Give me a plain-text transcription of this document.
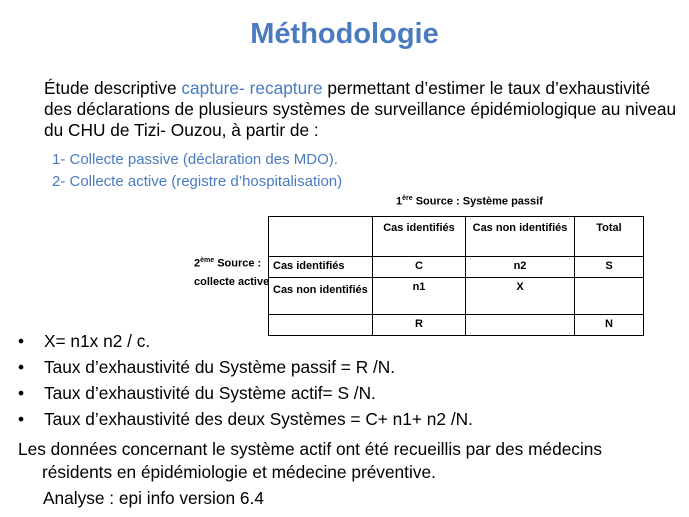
Méthodologie
Étude descriptive capture- recapture permettant d’estimer le taux d’exhaustivité des déclarations de plusieurs systèmes de surveillance épidémiologique au niveau du CHU de Tizi- Ouzou, à partir de :
1- Collecte passive (déclaration des MDO).
2- Collecte active (registre d’hospitalisation)
1ère Source : Système passif
2ème Source : collecte active
	Cas identifiés	Cas non identifiés	Total
Cas identifiés	C	n2	S
Cas non identifiés	n1	X	
	R		N
• X= n1x n2 / c.
• Taux d’exhaustivité du Système passif = R /N.
• Taux d’exhaustivité du Système actif= S /N.
• Taux d’exhaustivité des deux Systèmes = C+ n1+ n2 /N.
Les données concernant le système actif ont été recueillis par des médecins
résidents en épidémiologie et médecine préventive.
Analyse : epi info version 6.4
